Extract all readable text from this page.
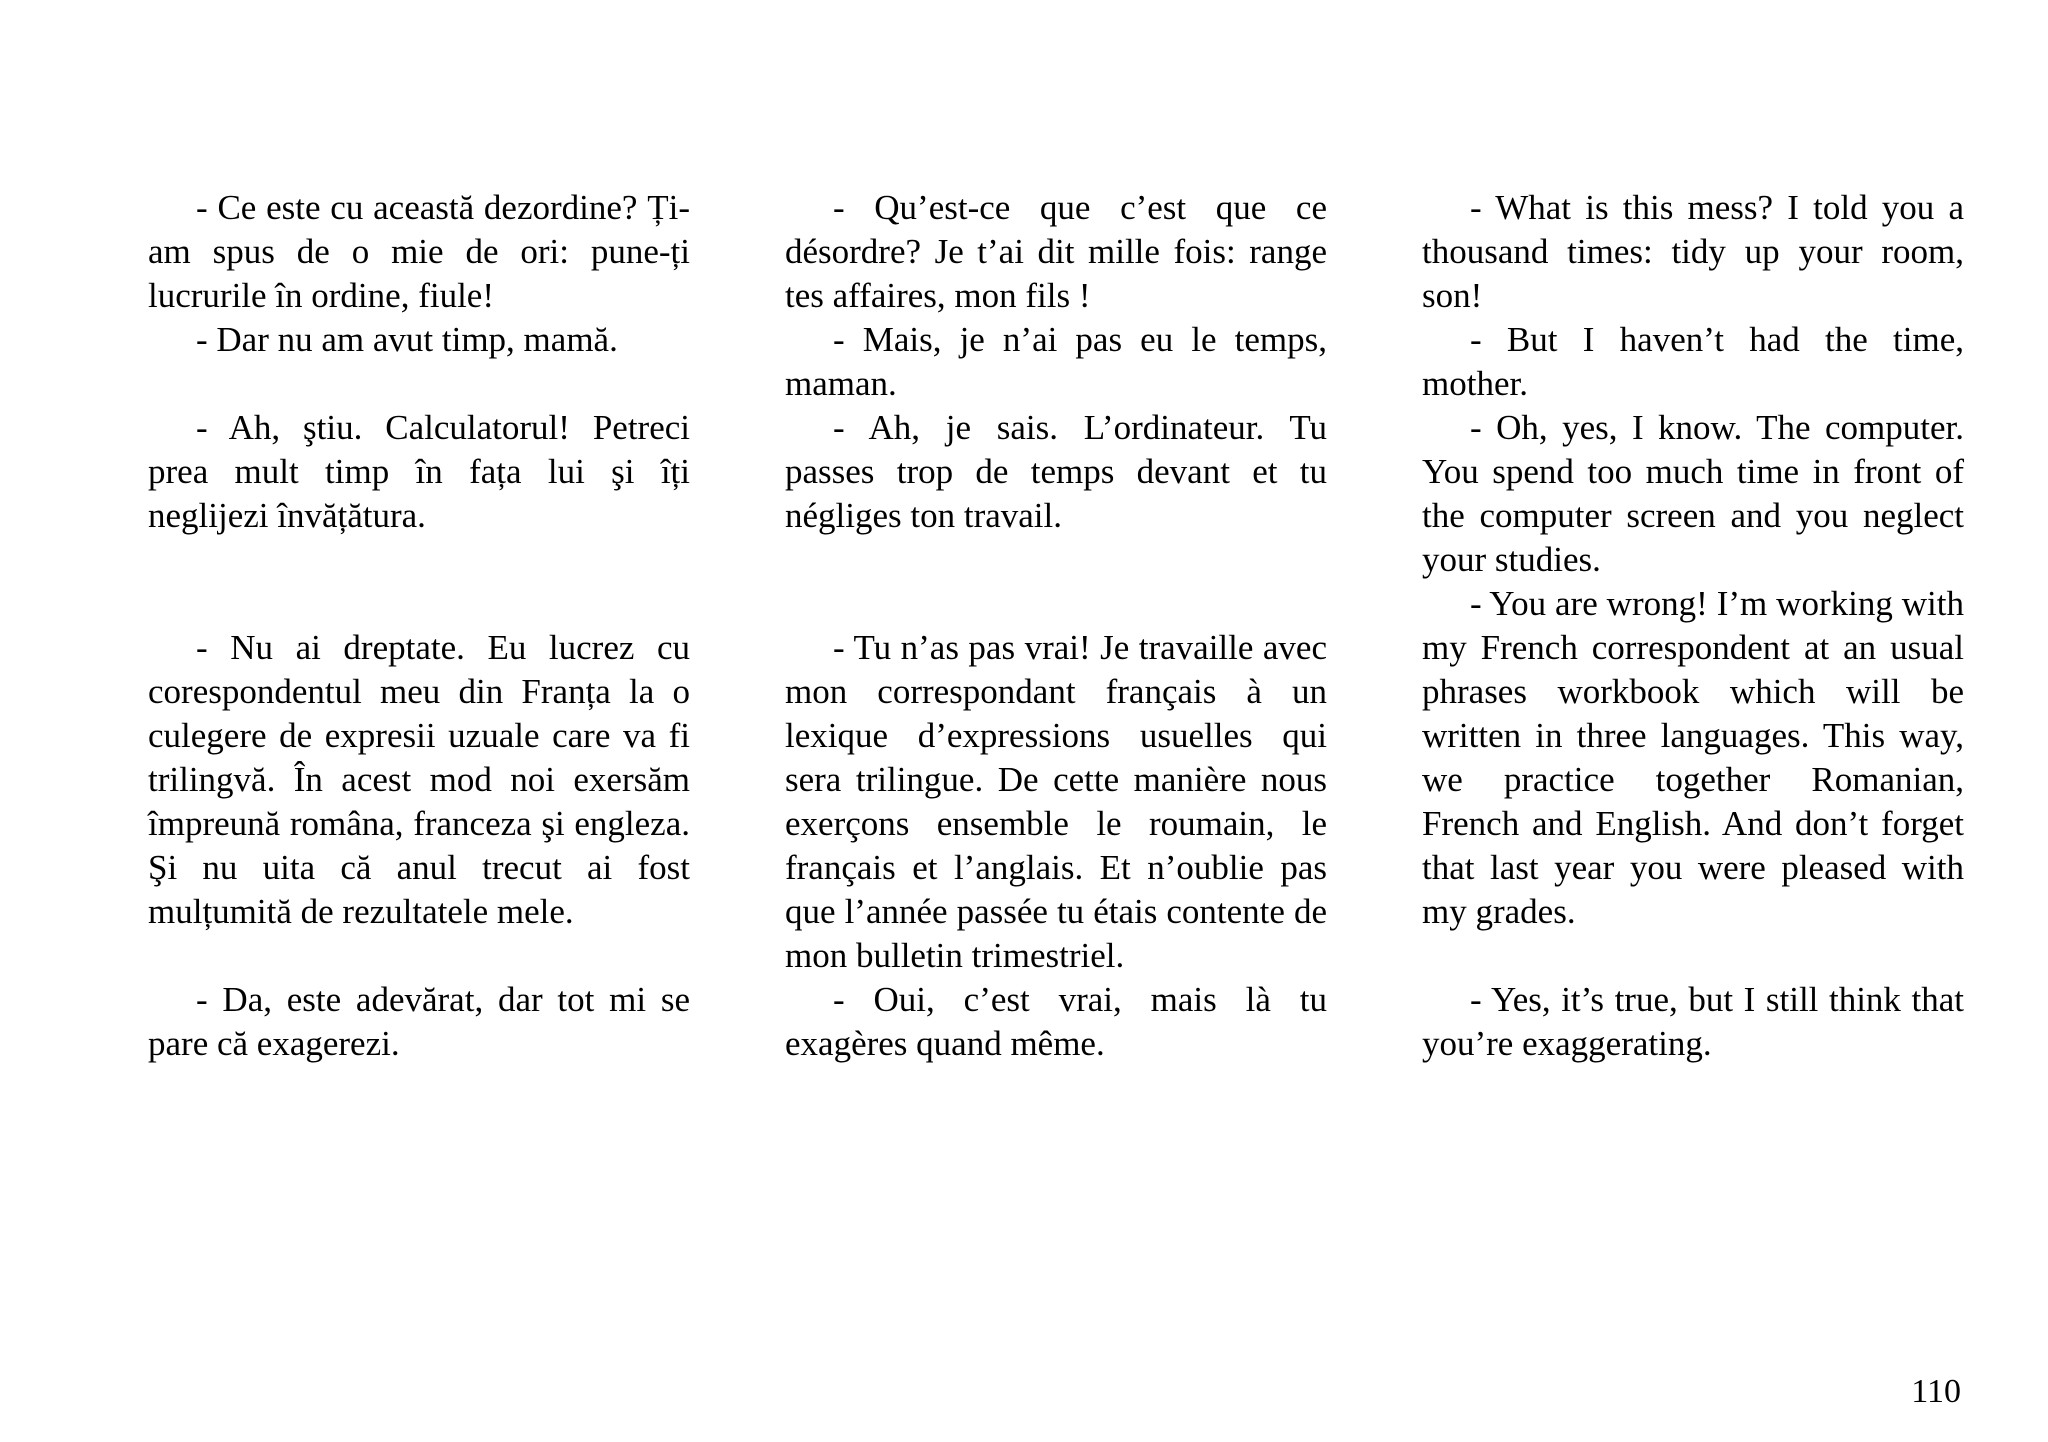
- Ce este cu această dezordine? Ți-am spus de o mie de ori: pune-ți lucrurile în ordine, fiule!

- Dar nu am avut timp, mamă.

- Ah, ştiu. Calculatorul! Petreci prea mult timp în fața lui şi îți neglijezi învățătura.

- Nu ai dreptate. Eu lucrez cu corespondentul meu din Franța la o culegere de expresii uzuale care va fi trilingvă. În acest mod noi exersăm împreună româna, franceza şi engleza. Şi nu uita că anul trecut ai fost mulțumită de rezultatele mele.

- Da, este adevărat, dar tot mi se pare că exagerezi.

- Qu’est-ce que c’est que ce désordre? Je t’ai dit mille fois: range tes affaires, mon fils !

- Mais, je n’ai pas eu le temps, maman.

- Ah, je sais. L’ordinateur. Tu passes trop de temps devant et tu négliges ton travail.

- Tu n’as pas vrai! Je travaille avec mon correspondant français à un lexique d’expressions usuelles qui sera trilingue. De cette manière nous exerçons ensemble le roumain, le français et l’anglais. Et n’oublie pas que l’année passée tu étais contente de mon bulletin trimestriel.

- Oui, c’est vrai, mais là tu exagères quand même.

- What is this mess? I told you a thousand times: tidy up your room, son!

- But I haven’t had the time, mother.

- Oh, yes, I know. The computer. You spend too much time in front of the computer screen and you neglect your studies.

- You are wrong! I’m working with my French correspondent at an usual phrases workbook which will be written in three languages. This way, we practice together Romanian, French and English. And don’t forget that last year you were pleased with my grades.

- Yes, it’s true, but I still think that you’re exaggerating.

110
